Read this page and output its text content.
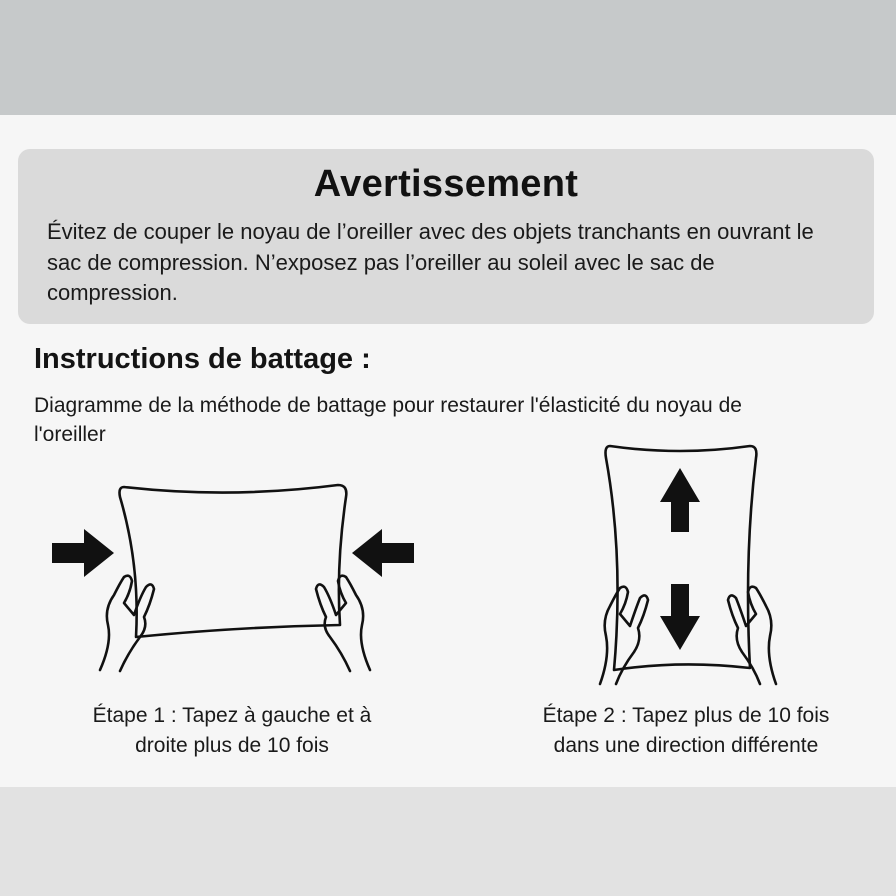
Avertissement
Évitez de couper le noyau de l’oreiller avec des objets tranchants en ouvrant le sac de compression. N’exposez pas l’oreiller au soleil avec le sac de compression.
Instructions de battage :
Diagramme de la méthode de battage pour restaurer l'élasticité du noyau de l'oreiller
Étape 1 : Tapez à gauche et à
droite plus de 10 fois
Étape 2 : Tapez plus de 10 fois
dans une direction différente
